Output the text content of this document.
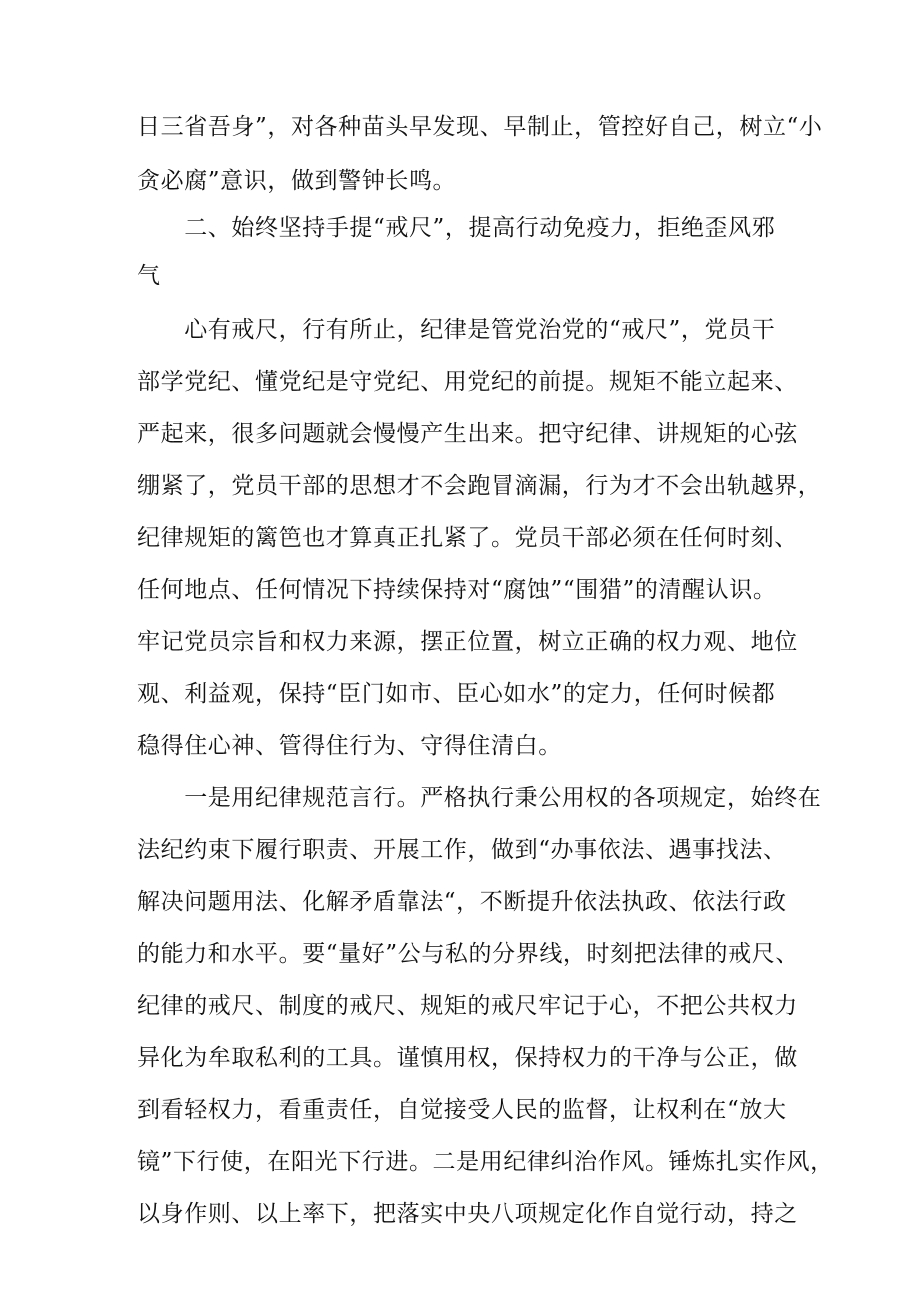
日三省吾身”，对各种苗头早发现、早制止，管控好自己，树立“小
贪必腐”意识，做到警钟长鸣。
　　二、始终坚持手提“戒尺”，提高行动免疫力，拒绝歪风邪
气
　　心有戒尺，行有所止，纪律是管党治党的“戒尺”，党员干
部学党纪、懂党纪是守党纪、用党纪的前提。规矩不能立起来、
严起来，很多问题就会慢慢产生出来。把守纪律、讲规矩的心弦
绷紧了，党员干部的思想才不会跑冒滴漏，行为才不会出轨越界，
纪律规矩的篱笆也才算真正扎紧了。党员干部必须在任何时刻、
任何地点、任何情况下持续保持对“腐蚀”“围猎”的清醒认识。
牢记党员宗旨和权力来源，摆正位置，树立正确的权力观、地位
观、利益观，保持“臣门如市、臣心如水”的定力，任何时候都
稳得住心神、管得住行为、守得住清白。
　　一是用纪律规范言行。严格执行秉公用权的各项规定，始终在
法纪约束下履行职责、开展工作，做到“办事依法、遇事找法、
解决问题用法、化解矛盾靠法“，不断提升依法执政、依法行政
的能力和水平。要“量好”公与私的分界线，时刻把法律的戒尺、
纪律的戒尺、制度的戒尺、规矩的戒尺牢记于心，不把公共权力
异化为牟取私利的工具。谨慎用权，保持权力的干净与公正，做
到看轻权力，看重责任，自觉接受人民的监督，让权利在“放大
镜”下行使，在阳光下行进。二是用纪律纠治作风。锤炼扎实作风，
以身作则、以上率下，把落实中央八项规定化作自觉行动，持之
